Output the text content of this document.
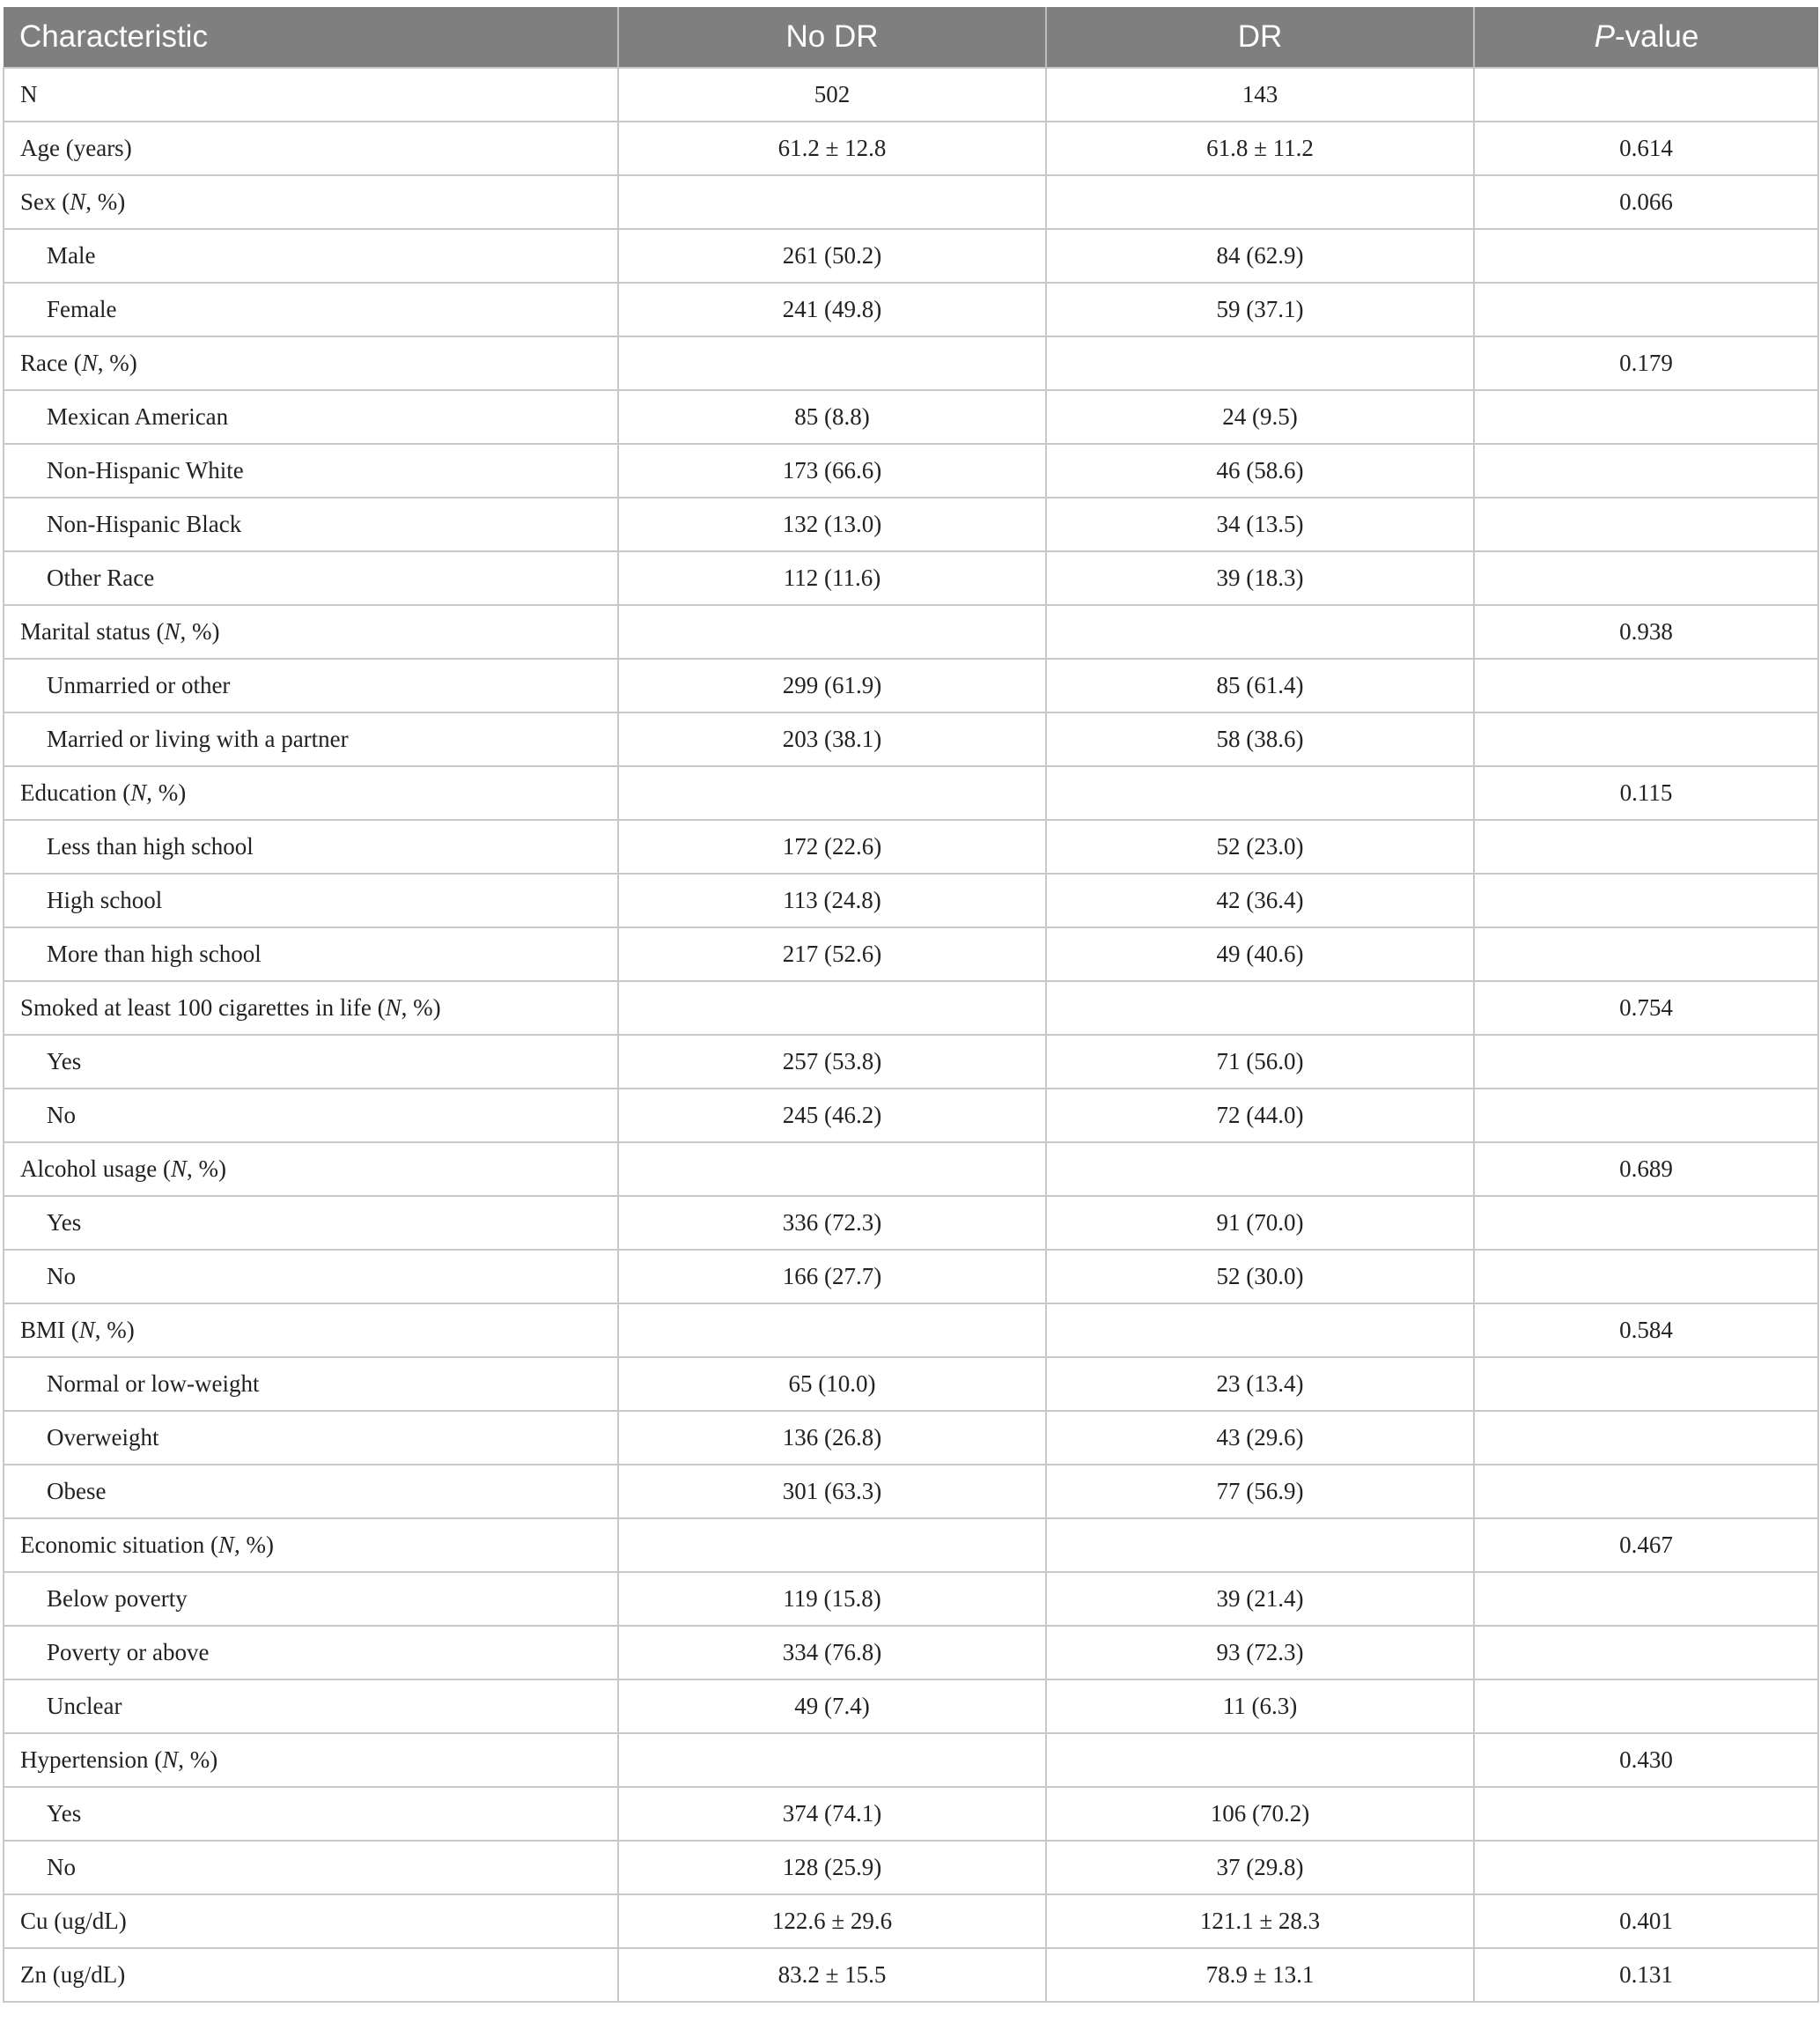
Characteristic	No DR	DR	P-value
N	502	143	
Age (years)	61.2 ± 12.8	61.8 ± 11.2	0.614
Sex (N, %)			0.066
Male	261 (50.2)	84 (62.9)	
Female	241 (49.8)	59 (37.1)	
Race (N, %)			0.179
Mexican American	85 (8.8)	24 (9.5)	
Non-Hispanic White	173 (66.6)	46 (58.6)	
Non-Hispanic Black	132 (13.0)	34 (13.5)	
Other Race	112 (11.6)	39 (18.3)	
Marital status (N, %)			0.938
Unmarried or other	299 (61.9)	85 (61.4)	
Married or living with a partner	203 (38.1)	58 (38.6)	
Education (N, %)			0.115
Less than high school	172 (22.6)	52 (23.0)	
High school	113 (24.8)	42 (36.4)	
More than high school	217 (52.6)	49 (40.6)	
Smoked at least 100 cigarettes in life (N, %)			0.754
Yes	257 (53.8)	71 (56.0)	
No	245 (46.2)	72 (44.0)	
Alcohol usage (N, %)			0.689
Yes	336 (72.3)	91 (70.0)	
No	166 (27.7)	52 (30.0)	
BMI (N, %)			0.584
Normal or low-weight	65 (10.0)	23 (13.4)	
Overweight	136 (26.8)	43 (29.6)	
Obese	301 (63.3)	77 (56.9)	
Economic situation (N, %)			0.467
Below poverty	119 (15.8)	39 (21.4)	
Poverty or above	334 (76.8)	93 (72.3)	
Unclear	49 (7.4)	11 (6.3)	
Hypertension (N, %)			0.430
Yes	374 (74.1)	106 (70.2)	
No	128 (25.9)	37 (29.8)	
Cu (ug/dL)	122.6 ± 29.6	121.1 ± 28.3	0.401
Zn (ug/dL)	83.2 ± 15.5	78.9 ± 13.1	0.131
